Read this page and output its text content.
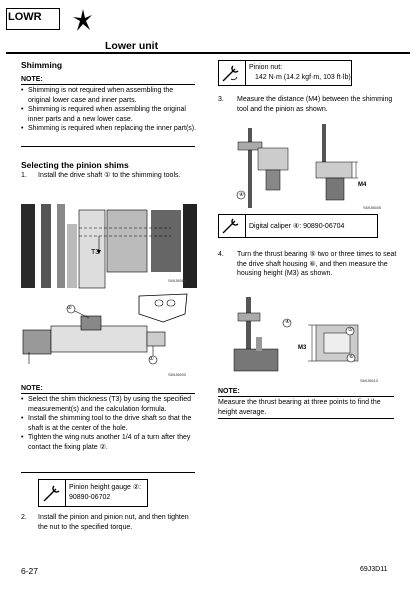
LOWR
Lower unit
Shimming
NOTE:
• Shimming is not required when assembling the original lower case and inner parts.
• Shimming is required when assembling the original inner parts and a new lower case.
• Shimming is required when replacing the inner part(s).
Selecting the pinion shims
1. Install the drive shaft ① to the shimming tools.
T3
S69J6560
②
①
S69J6600
NOTE:
• Select the shim thickness (T3) by using the specified measurement(s) and the calculation formula.
• Install the shimming tool to the drive shaft so that the shaft is at the center of the hole.
• Tighten the wing nuts another 1/4 of a turn after they contact the fixing plate ②.
Pinion height gauge ②:
90890-06702
2. Install the pinion and pinion nut, and then tighten the nut to the specified torque.
Pinion nut:
142 N·m (14.2 kgf·m, 103 ft·lb)
3. Measure the distance (M4) between the shimming tool and the pinion as shown.
④
M4
S69J6605
Digital caliper ④: 90890-06704
4. Turn the thrust bearing ⑤ two or three times to seat the drive shaft housing ⑥, and then measure the housing height (M3) as shown.
④
⑤
M3
⑥
S69J6610
NOTE:
Measure the thrust bearing at three points to find the height average.
6-27	69J3D11
